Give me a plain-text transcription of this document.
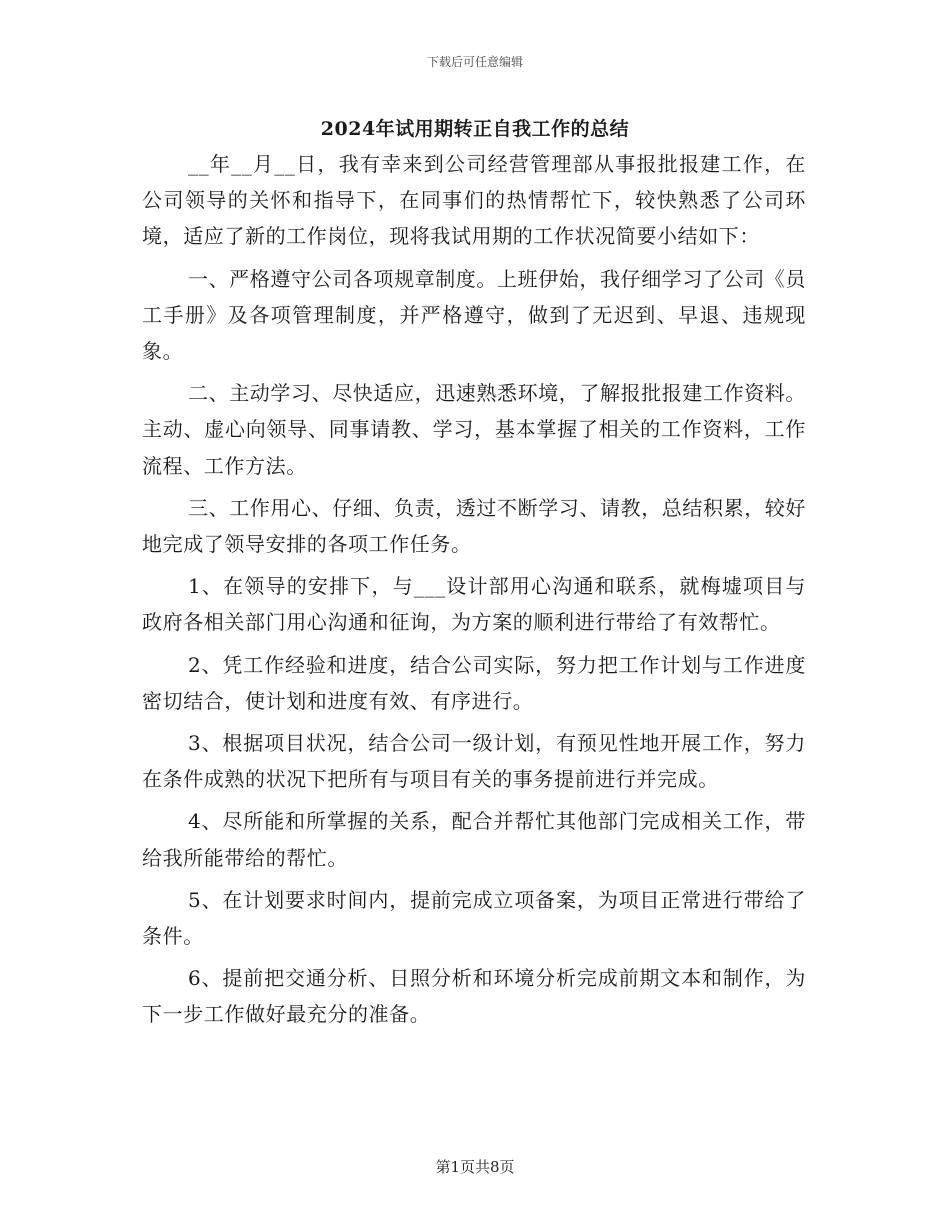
下载后可任意编辑
2024年试用期转正自我工作的总结

__年__月__日，我有幸来到公司经营管理部从事报批报建工作，在公司领导的关怀和指导下，在同事们的热情帮忙下，较快熟悉了公司环境，适应了新的工作岗位，现将我试用期的工作状况简要小结如下：

一、严格遵守公司各项规章制度。上班伊始，我仔细学习了公司《员工手册》及各项管理制度，并严格遵守，做到了无迟到、早退、违规现象。

二、主动学习、尽快适应，迅速熟悉环境，了解报批报建工作资料。主动、虚心向领导、同事请教、学习，基本掌握了相关的工作资料，工作流程、工作方法。

三、工作用心、仔细、负责，透过不断学习、请教，总结积累，较好地完成了领导安排的各项工作任务。

1、在领导的安排下，与___设计部用心沟通和联系，就梅墟项目与政府各相关部门用心沟通和征询，为方案的顺利进行带给了有效帮忙。

2、凭工作经验和进度，结合公司实际，努力把工作计划与工作进度密切结合，使计划和进度有效、有序进行。

3、根据项目状况，结合公司一级计划，有预见性地开展工作，努力在条件成熟的状况下把所有与项目有关的事务提前进行并完成。

4、尽所能和所掌握的关系，配合并帮忙其他部门完成相关工作，带给我所能带给的帮忙。

5、在计划要求时间内，提前完成立项备案，为项目正常进行带给了条件。

6、提前把交通分析、日照分析和环境分析完成前期文本和制作，为下一步工作做好最充分的准备。

第1页共8页
